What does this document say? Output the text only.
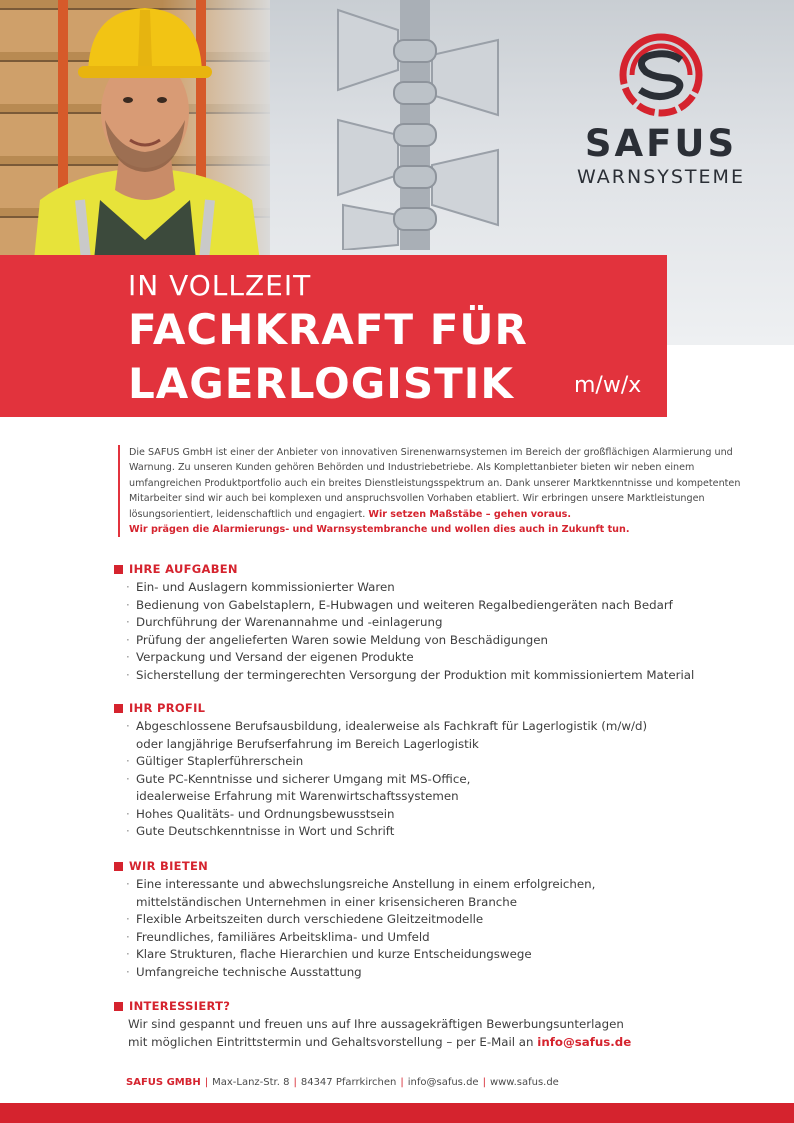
SAFUS
WARNSYSTEME
IN VOLLZEIT
FACHKRAFT FÜR
LAGERLOGISTIK	m/w/x
Die SAFUS GmbH ist einer der Anbieter von innovativen Sirenenwarnsystemen im Bereich der großflächigen Alarmierung und Warnung. Zu unseren Kunden gehören Behörden und Industriebetriebe. Als Komplettanbieter bieten wir neben einem umfangreichen Produktportfolio auch ein breites Dienstleistungsspektrum an. Dank unserer Marktkenntnisse und kompetenten Mitarbeiter sind wir auch bei komplexen und anspruchsvollen Vorhaben etabliert. Wir erbringen unsere Marktleistungen lösungsorientiert, leidenschaftlich und engagiert. Wir setzen Maßstäbe – gehen voraus.
Wir prägen die Alarmierungs- und Warnsystembranche und wollen dies auch in Zukunft tun.
IHRE AUFGABEN
· Ein- und Auslagern kommissionierter Waren
· Bedienung von Gabelstaplern, E-Hubwagen und weiteren Regalbediengeräten nach Bedarf
· Durchführung der Warenannahme und -einlagerung
· Prüfung der angelieferten Waren sowie Meldung von Beschädigungen
· Verpackung und Versand der eigenen Produkte
· Sicherstellung der termingerechten Versorgung der Produktion mit kommissioniertem Material
IHR PROFIL
· Abgeschlossene Berufsausbildung, idealerweise als Fachkraft für Lagerlogistik (m/w/d)
oder langjährige Berufserfahrung im Bereich Lagerlogistik
· Gültiger Staplerführerschein
· Gute PC-Kenntnisse und sicherer Umgang mit MS-Office,
idealerweise Erfahrung mit Warenwirtschaftssystemen
· Hohes Qualitäts- und Ordnungsbewusstsein
· Gute Deutschkenntnisse in Wort und Schrift
WIR BIETEN
· Eine interessante und abwechslungsreiche Anstellung in einem erfolgreichen,
mittelständischen Unternehmen in einer krisensicheren Branche
· Flexible Arbeitszeiten durch verschiedene Gleitzeitmodelle
· Freundliches, familiäres Arbeitsklima- und Umfeld
· Klare Strukturen, flache Hierarchien und kurze Entscheidungswege
· Umfangreiche technische Ausstattung
INTERESSIERT?
Wir sind gespannt und freuen uns auf Ihre aussagekräftigen Bewerbungsunterlagen
mit möglichen Eintrittstermin und Gehaltsvorstellung – per E-Mail an info@safus.de
SAFUS GMBH | Max-Lanz-Str. 8 | 84347 Pfarrkirchen | info@safus.de | www.safus.de
